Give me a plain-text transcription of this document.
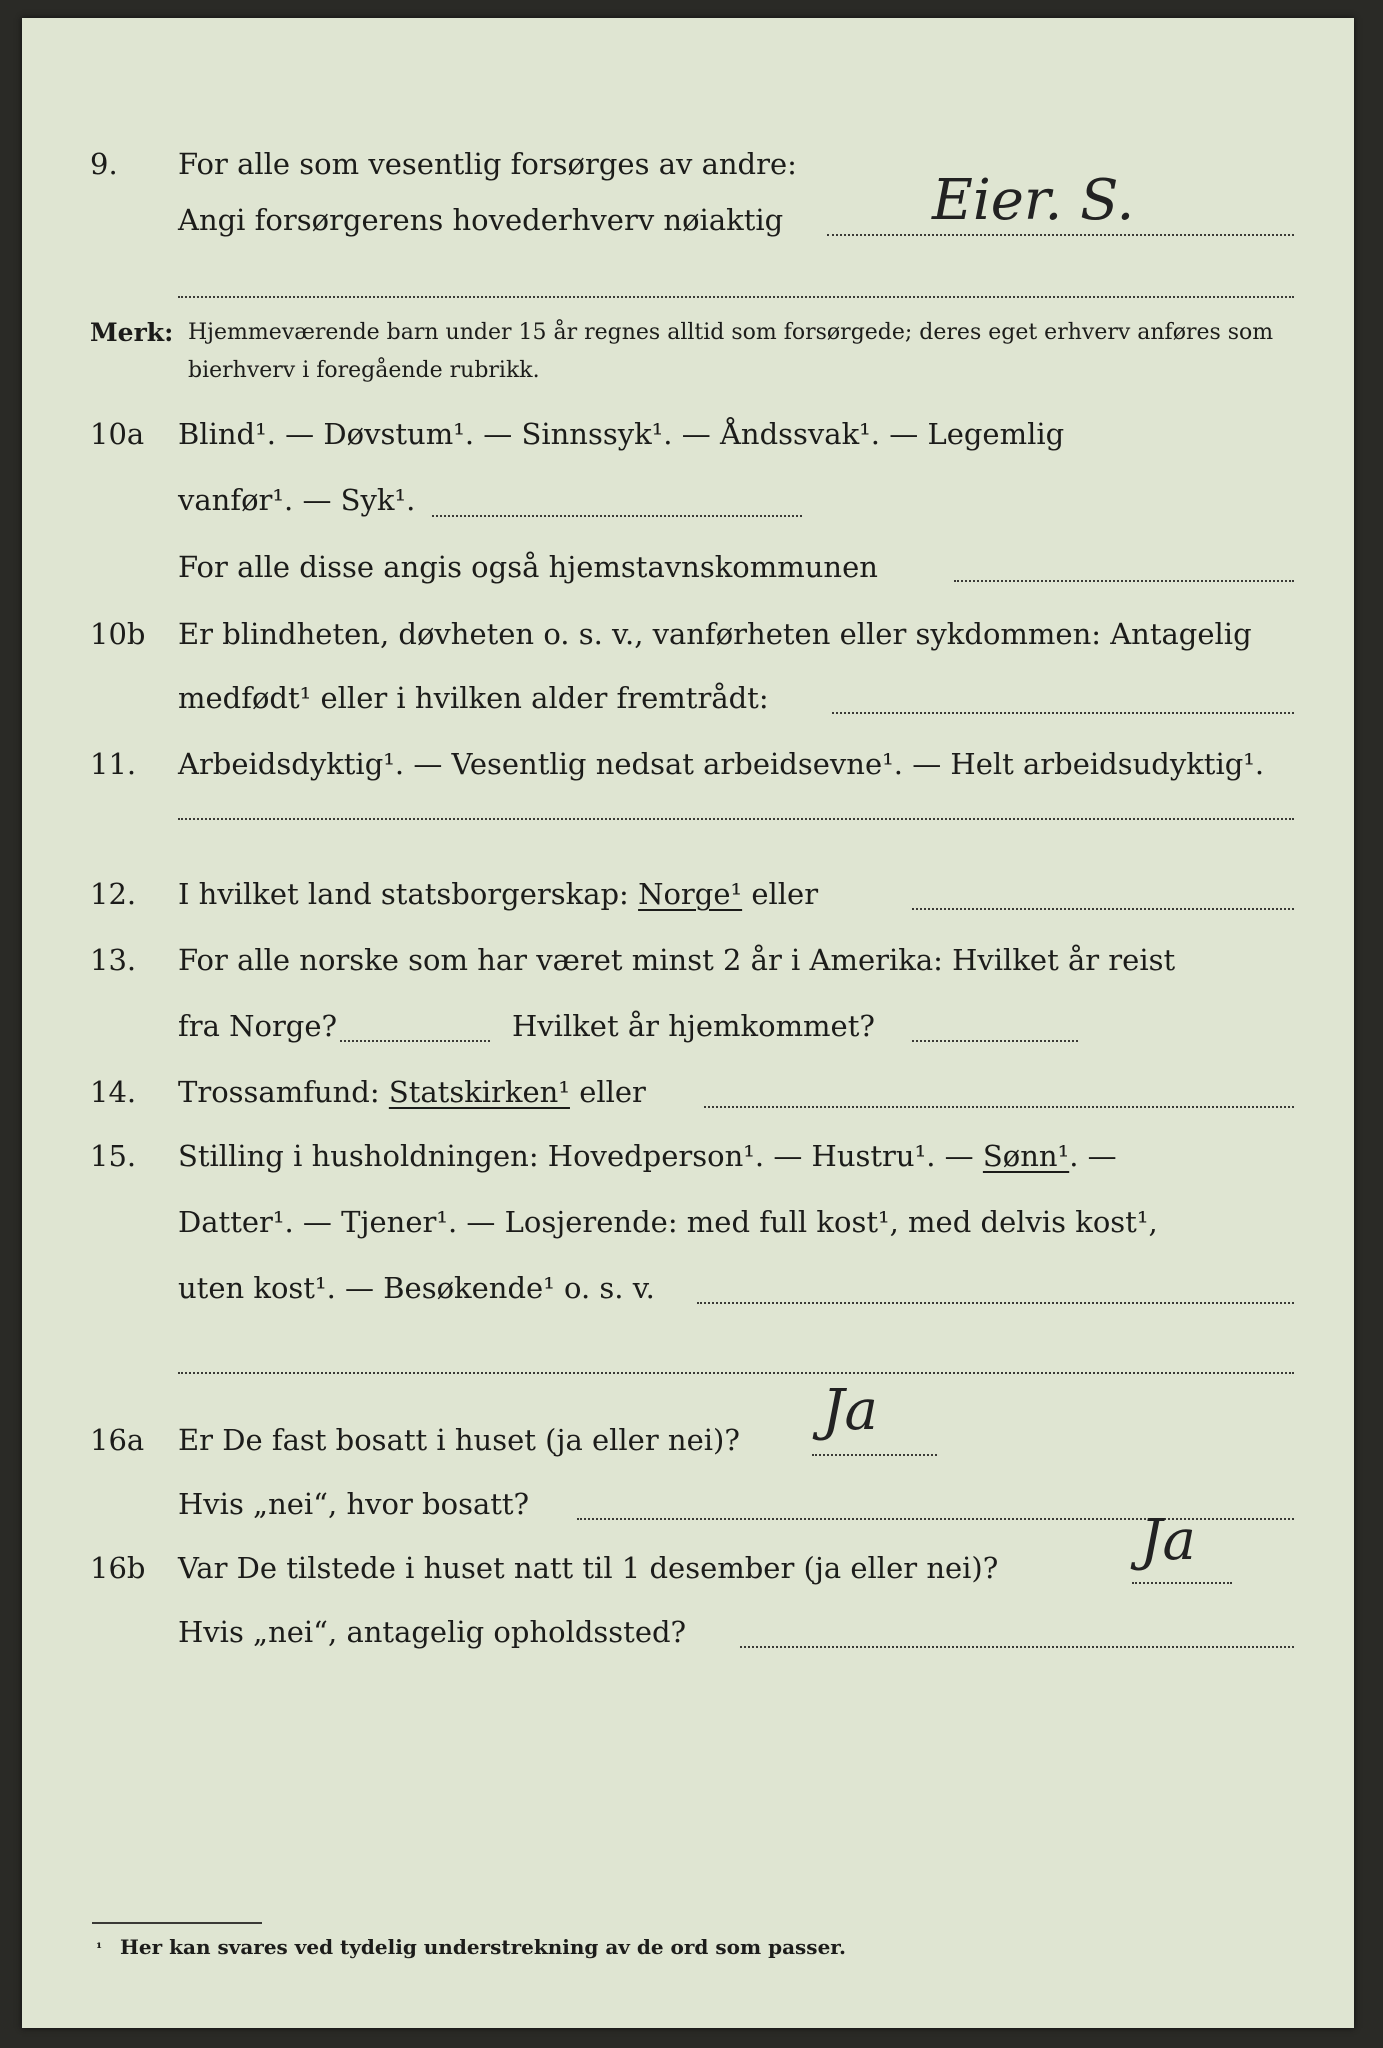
9. For alle som vesentlig forsørges av andre:
Angi forsørgerens hovederhverv nøiaktig	Eier. S.
Merk: Hjemmeværende barn under 15 år regnes alltid som forsørgede; deres eget erhverv anføres som bierhverv i foregående rubrikk.
10a Blind¹. — Døvstum¹. — Sinnssyk¹. — Åndssvak¹. — Legemlig
vanfør¹. — Syk¹.
For alle disse angis også hjemstavnskommunen
10b Er blindheten, døvheten o. s. v., vanførheten eller sykdommen: Antagelig
medfødt¹ eller i hvilken alder fremtrådt:
11. Arbeidsdyktig¹. — Vesentlig nedsat arbeidsevne¹. — Helt arbeidsudyktig¹.
12. I hvilket land statsborgerskap: Norge¹ eller
13. For alle norske som har været minst 2 år i Amerika: Hvilket år reist
fra Norge?	Hvilket år hjemkommet?
14. Trossamfund: Statskirken¹ eller
15. Stilling i husholdningen: Hovedperson¹. — Hustru¹. — Sønn¹. —
Datter¹. — Tjener¹. — Losjerende: med full kost¹, med delvis kost¹,
uten kost¹. — Besøkende¹ o. s. v.
16a Er De fast bosatt i huset (ja eller nei)? Ja
Hvis „nei“, hvor bosatt?
16b Var De tilstede i huset natt til 1 desember (ja eller nei)?	Ja
Hvis „nei“, antagelig opholdssted?
¹ Her kan svares ved tydelig understrekning av de ord som passer.
